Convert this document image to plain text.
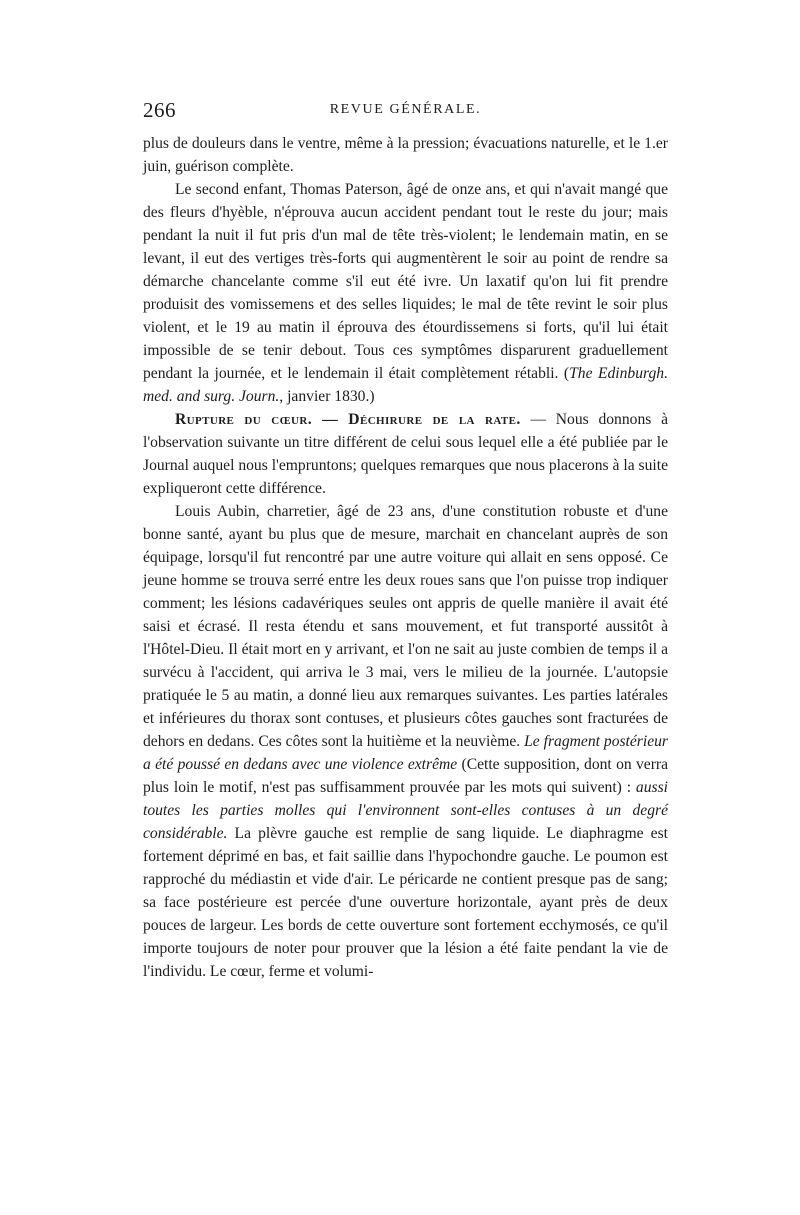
266	REVUE GÉNÉRALE.

plus de douleurs dans le ventre, même à la pression; évacuations naturelle, et le 1.er juin, guérison complète.

Le second enfant, Thomas Paterson, âgé de onze ans, et qui n'avait mangé que des fleurs d'hyèble, n'éprouva aucun accident pendant tout le reste du jour; mais pendant la nuit il fut pris d'un mal de tête très-violent; le lendemain matin, en se levant, il eut des vertiges très-forts qui augmentèrent le soir au point de rendre sa démarche chancelante comme s'il eut été ivre. Un laxatif qu'on lui fit prendre produisit des vomissemens et des selles liquides; le mal de tête revint le soir plus violent, et le 19 au matin il éprouva des étourdissemens si forts, qu'il lui était impossible de se tenir debout. Tous ces symptômes disparurent graduellement pendant la journée, et le lendemain il était complètement rétabli. (The Edinburgh. med. and surg. Journ., janvier 1830.)

Rupture du cœur. — Déchirure de la rate. — Nous donnons à l'observation suivante un titre différent de celui sous lequel elle a été publiée par le Journal auquel nous l'empruntons; quelques remarques que nous placerons à la suite expliqueront cette différence.

Louis Aubin, charretier, âgé de 23 ans, d'une constitution robuste et d'une bonne santé, ayant bu plus que de mesure, marchait en chancelant auprès de son équipage, lorsqu'il fut rencontré par une autre voiture qui allait en sens opposé. Ce jeune homme se trouva serré entre les deux roues sans que l'on puisse trop indiquer comment; les lésions cadavériques seules ont appris de quelle manière il avait été saisi et écrasé. Il resta étendu et sans mouvement, et fut transporté aussitôt à l'Hôtel-Dieu. Il était mort en y arrivant, et l'on ne sait au juste combien de temps il a survécu à l'accident, qui arriva le 3 mai, vers le milieu de la journée. L'autopsie pratiquée le 5 au matin, a donné lieu aux remarques suivantes. Les parties latérales et inférieures du thorax sont contuses, et plusieurs côtes gauches sont fracturées de dehors en dedans. Ces côtes sont la huitième et la neuvième. Le fragment postérieur a été poussé en dedans avec une violence extrême (Cette supposition, dont on verra plus loin le motif, n'est pas suffisamment prouvée par les mots qui suivent) : aussi toutes les parties molles qui l'environnent sont-elles contuses à un degré considérable. La plèvre gauche est remplie de sang liquide. Le diaphragme est fortement déprimé en bas, et fait saillie dans l'hypochondre gauche. Le poumon est rapproché du médiastin et vide d'air. Le péricarde ne contient presque pas de sang; sa face postérieure est percée d'une ouverture horizontale, ayant près de deux pouces de largeur. Les bords de cette ouverture sont fortement ecchymosés, ce qu'il importe toujours de noter pour prouver que la lésion a été faite pendant la vie de l'individu. Le cœur, ferme et volumi-
